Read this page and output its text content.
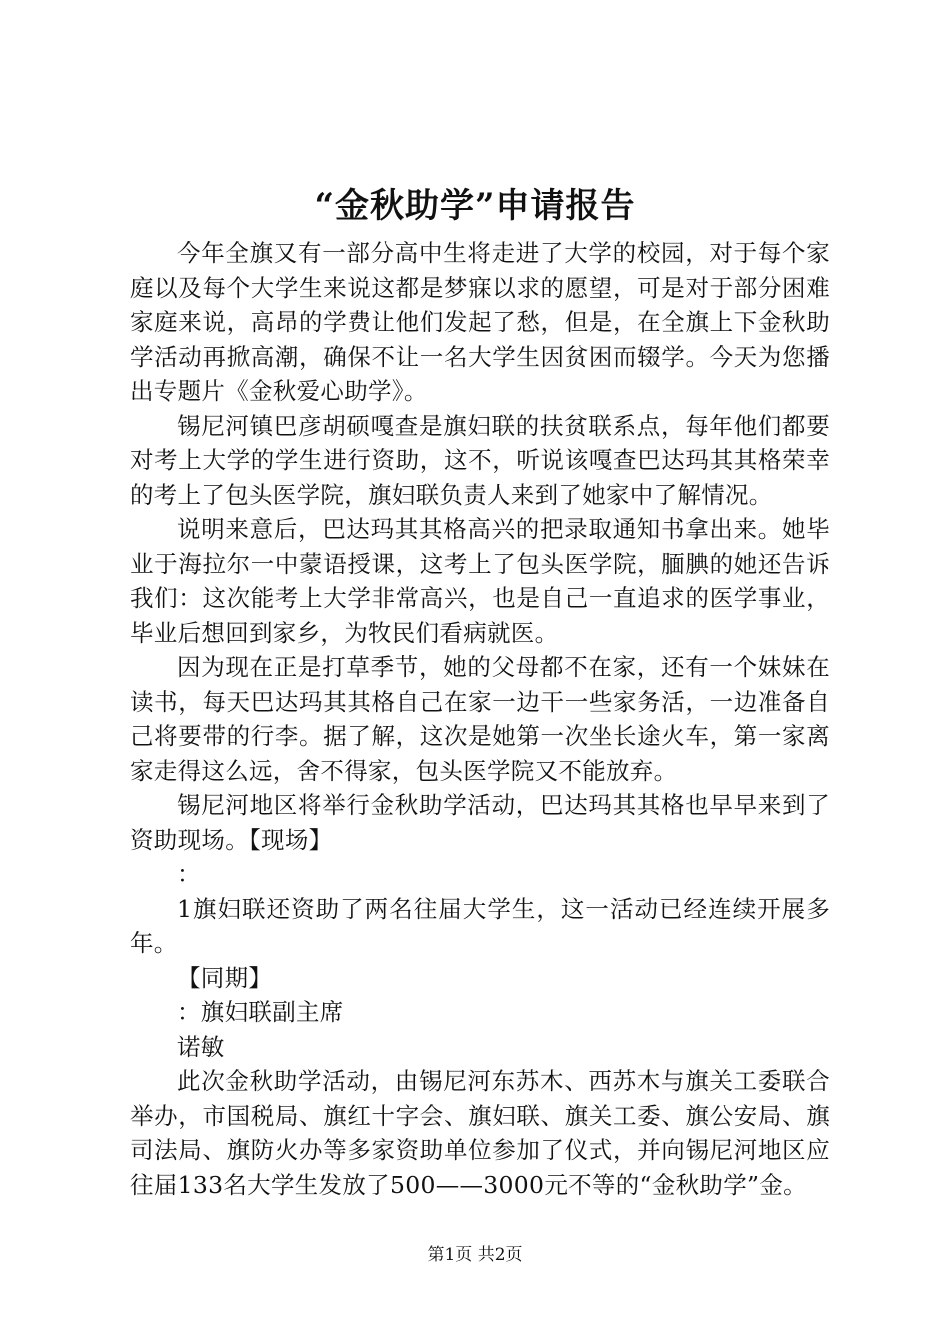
“金秋助学”申请报告

今年全旗又有一部分高中生将走进了大学的校园，对于每个家庭以及每个大学生来说这都是梦寐以求的愿望，可是对于部分困难家庭来说，高昂的学费让他们发起了愁，但是，在全旗上下金秋助学活动再掀高潮，确保不让一名大学生因贫困而辍学。今天为您播出专题片《金秋爱心助学》。

锡尼河镇巴彦胡硕嘎查是旗妇联的扶贫联系点，每年他们都要对考上大学的学生进行资助，这不，听说该嘎查巴达玛其其格荣幸的考上了包头医学院，旗妇联负责人来到了她家中了解情况。

说明来意后，巴达玛其其格高兴的把录取通知书拿出来。她毕业于海拉尔一中蒙语授课，这考上了包头医学院，腼腆的她还告诉我们：这次能考上大学非常高兴，也是自己一直追求的医学事业，毕业后想回到家乡，为牧民们看病就医。

因为现在正是打草季节，她的父母都不在家，还有一个妹妹在读书，每天巴达玛其其格自己在家一边干一些家务活，一边准备自己将要带的行李。据了解，这次是她第一次坐长途火车，第一家离家走得这么远，舍不得家，包头医学院又不能放弃。

锡尼河地区将举行金秋助学活动，巴达玛其其格也早早来到了资助现场。【现场】

：

1旗妇联还资助了两名往届大学生，这一活动已经连续开展多年。

【同期】

：旗妇联副主席

诺敏

此次金秋助学活动，由锡尼河东苏木、西苏木与旗关工委联合举办，市国税局、旗红十字会、旗妇联、旗关工委、旗公安局、旗司法局、旗防火办等多家资助单位参加了仪式，并向锡尼河地区应往届133名大学生发放了500——3000元不等的“金秋助学”金。

第1页 共2页
